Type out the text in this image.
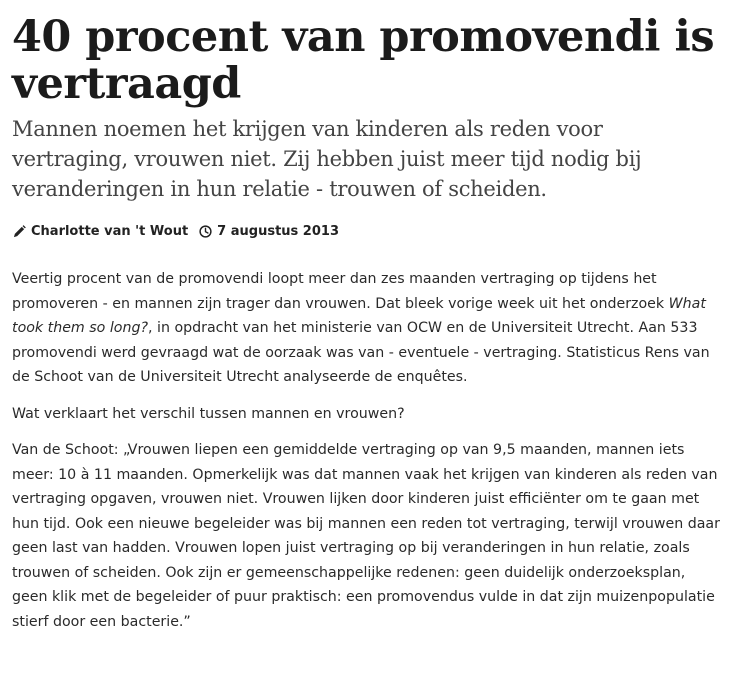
40 procent van promovendi is vertraagd
Mannen noemen het krijgen van kinderen als reden voor vertraging, vrouwen niet. Zij hebben juist meer tijd nodig bij veranderingen in hun relatie - trouwen of scheiden.
Charlotte van 't Wout 7 augustus 2013

Veertig procent van de promovendi loopt meer dan zes maanden vertraging op tijdens het promoveren - en mannen zijn trager dan vrouwen. Dat bleek vorige week uit het onderzoek What took them so long?, in opdracht van het ministerie van OCW en de Universiteit Utrecht. Aan 533 promovendi werd gevraagd wat de oorzaak was van - eventuele - vertraging. Statisticus Rens van de Schoot van de Universiteit Utrecht analyseerde de enquêtes.

Wat verklaart het verschil tussen mannen en vrouwen?

Van de Schoot: „Vrouwen liepen een gemiddelde vertraging op van 9,5 maanden, mannen iets meer: 10 à 11 maanden. Opmerkelijk was dat mannen vaak het krijgen van kinderen als reden van vertraging opgaven, vrouwen niet. Vrouwen lijken door kinderen juist efficiënter om te gaan met hun tijd. Ook een nieuwe begeleider was bij mannen een reden tot vertraging, terwijl vrouwen daar geen last van hadden. Vrouwen lopen juist vertraging op bij veranderingen in hun relatie, zoals trouwen of scheiden. Ook zijn er gemeenschappelijke redenen: geen duidelijk onderzoeksplan, geen klik met de begeleider of puur praktisch: een promovendus vulde in dat zijn muizenpopulatie stierf door een bacterie.”
